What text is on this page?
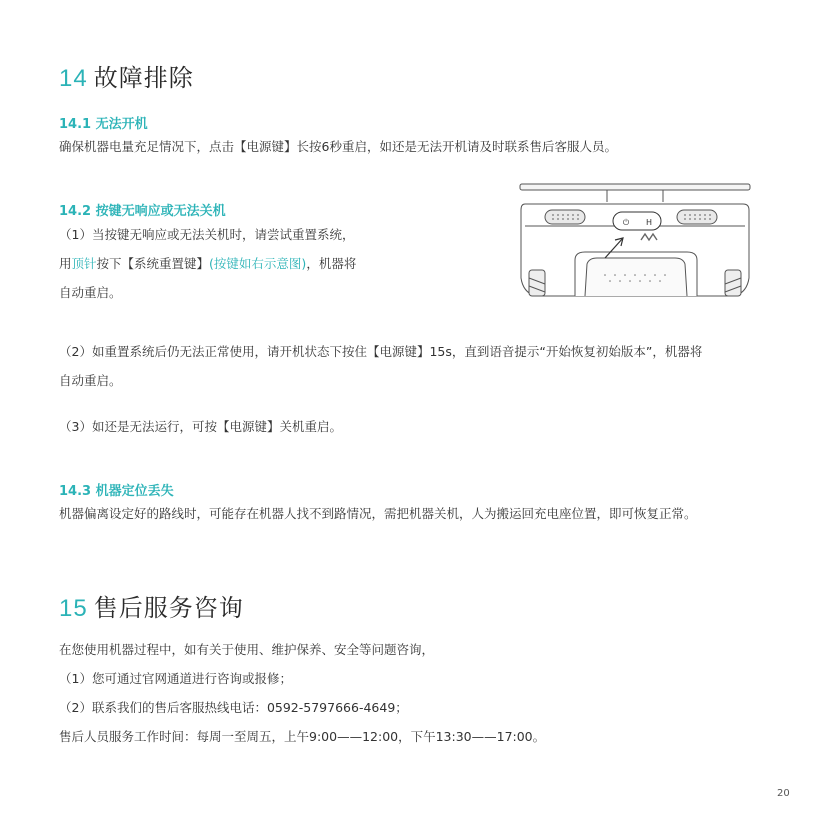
14 故障排除
14.1 无法开机
确保机器电量充足情况下，点击【电源键】长按6秒重启，如还是无法开机请及时联系售后客服人员。
14.2 按键无响应或无法关机
（1）当按键无响应或无法关机时，请尝试重置系统，
用顶针按下【系统重置键】(按键如右示意图)，机器将
自动重启。
⏻ H
（2）如重置系统后仍无法正常使用，请开机状态下按住【电源键】15s，直到语音提示“开始恢复初始版本”，机器将
自动重启。
（3）如还是无法运行，可按【电源键】关机重启。
14.3 机器定位丢失
机器偏离设定好的路线时，可能存在机器人找不到路情况，需把机器关机，人为搬运回充电座位置，即可恢复正常。
15 售后服务咨询
在您使用机器过程中，如有关于使用、维护保养、安全等问题咨询，
（1）您可通过官网通道进行咨询或报修；
（2）联系我们的售后客服热线电话：0592-5797666-4649；
售后人员服务工作时间：每周一至周五，上午9:00——12:00，下午13:30——17:00。
20
